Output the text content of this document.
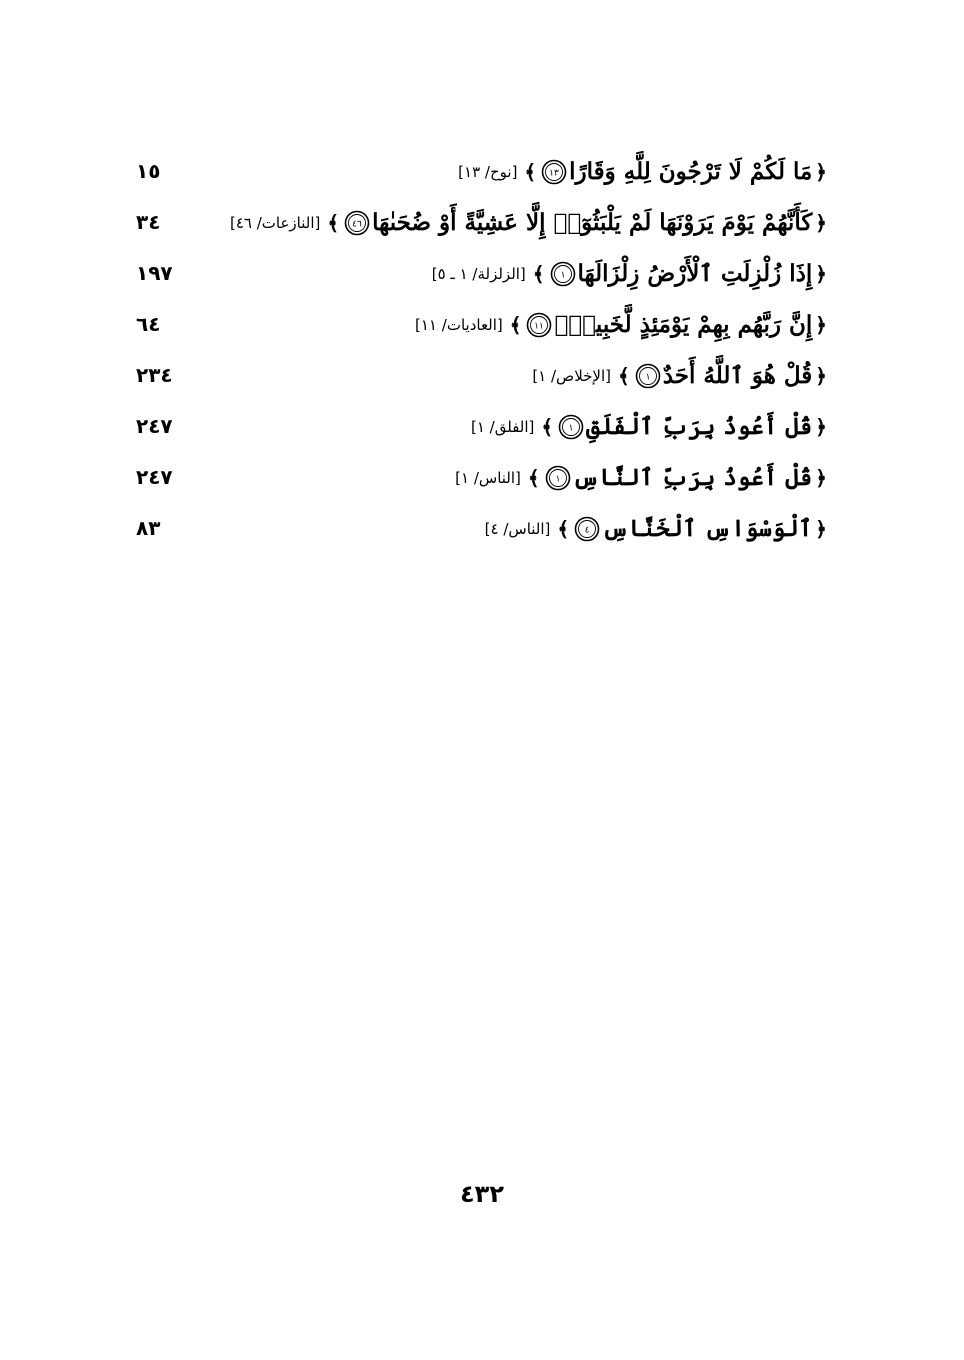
﴿
مَا لَكُمْ لَا تَرْجُونَ لِلَّهِ وَقَارًا
١٣
﴾
[نوح/ ١٣]
١٥
﴿
كَأَنَّهُمْ يَوْمَ يَرَوْنَهَا لَمْ يَلْبَثُوٓا۟ إِلَّا عَشِيَّةً أَوْ ضُحَىٰهَا
٤٦
﴾
[النازعات/ ٤٦]
٣٤
﴿
إِذَا زُلْزِلَتِ ٱلْأَرْضُ زِلْزَالَهَا
١
﴾
[الزلزلة/ ١ ـ ٥]
١٩٧
﴿
إِنَّ رَبَّهُم بِهِمْ يَوْمَئِذٍ لَّخَبِيرٌۢ
١١
﴾
[العاديات/ ١١]
٦٤
﴿
قُلْ هُوَ ٱللَّهُ أَحَدٌ
١
﴾
[الإخلاص/ ١]
٢٣٤
﴿
قُلْ أَعُوذُ بِرَبِّ ٱلْفَلَقِ
١
﴾
[الفلق/ ١]
٢٤٧
﴿
قُلْ أَعُوذُ بِرَبِّ ٱلنَّاسِ
١
﴾
[الناس/ ١]
٢٤٧
﴿
ٱلْوَسْوَاسِ ٱلْخَنَّاسِ
٤
﴾
[الناس/ ٤]
٨٣
٤٣٢
